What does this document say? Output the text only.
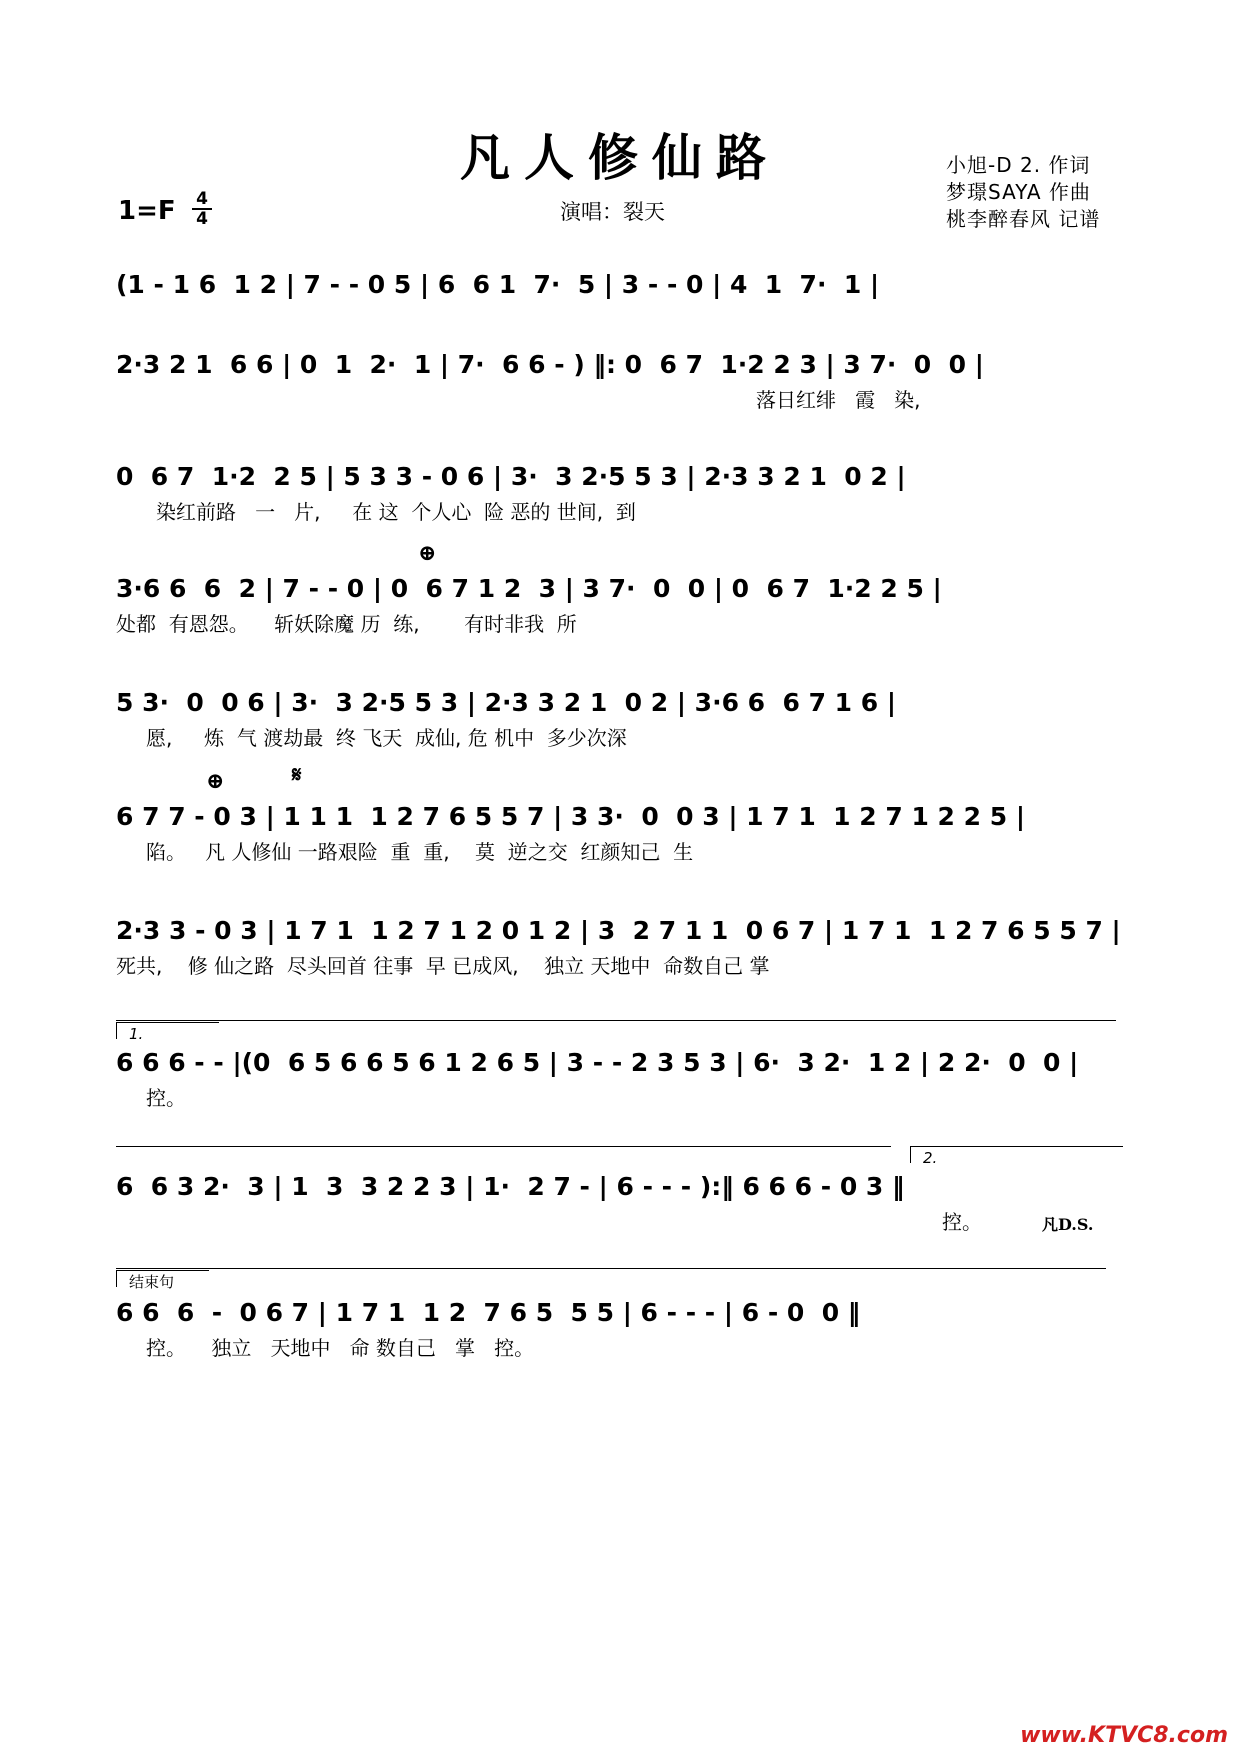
凡人修仙路	小旭-D 2. 作词
梦璟SAYA 作曲
桃李醉春风 记谱
1=F 4
4	演唱：裂天
(1 - 1 6  1 2 | 7 - - 0 5 | 6  6 1  7·  5 | 3 - - 0 | 4  1  7·  1 |
2·3 2 1  6 6 | 0  1  2·  1 | 7·  6 6 - ) ‖: 0  6 7  1·2 2 3 | 3 7·  0  0 |
落日红绯   霞   染,
0  6 7  1·2  2 5 | 5 3 3 - 0 6 | 3·  3 2·5 5 3 | 2·3 3 2 1  0 2 |
染红前路   一   片,     在 这  个人心  险 恶的 世间,  到
⊕
3·6 6  6  2 | 7 - - 0 | 0  6 7 1 2  3 | 3 7·  0  0 | 0  6 7  1·2 2 5 |
处都  有恩怨。    斩妖除魔 历  练,       有时非我  所
5 3·  0  0 6 | 3·  3 2·5 5 3 | 2·3 3 2 1  0 2 | 3·6 6  6 7 1 6 |
愿,     炼  气 渡劫最  终 飞天  成仙, 危 机中  多少次深
⊕	𝄋
6 7 7 - 0 3 | 1 1 1  1 2 7 6 5 5 7 | 3 3·  0  0 3 | 1 7 1  1 2 7 1 2 2 5 |
陷。   凡 人修仙 一路艰险  重  重,    莫  逆之交  红颜知己  生
2·3 3 - 0 3 | 1 7 1  1 2 7 1 2 0 1 2 | 3  2 7 1 1  0 6 7 | 1 7 1  1 2 7 6 5 5 7 |
死共,    修 仙之路  尽头回首 往事  早 已成风,    独立 天地中  命数自己 掌
1.
6 6 6 - - |(0  6 5 6 6 5 6 1 2 6 5 | 3 - - 2 3 5 3 | 6·  3 2·  1 2 | 2 2·  0  0 |
控。
2.
6  6 3 2·  3 | 1  3  3 2 2 3 | 1·  2 7 - | 6 - - - ):‖ 6 6 6 - 0 3 ‖
控。	凡D.S.
结束句
6 6  6  -  0 6 7 | 1 7 1  1 2  7 6 5  5 5 | 6 - - - | 6 - 0  0 ‖
控。    独立   天地中   命 数自己   掌   控。
www.KTVC8.com
